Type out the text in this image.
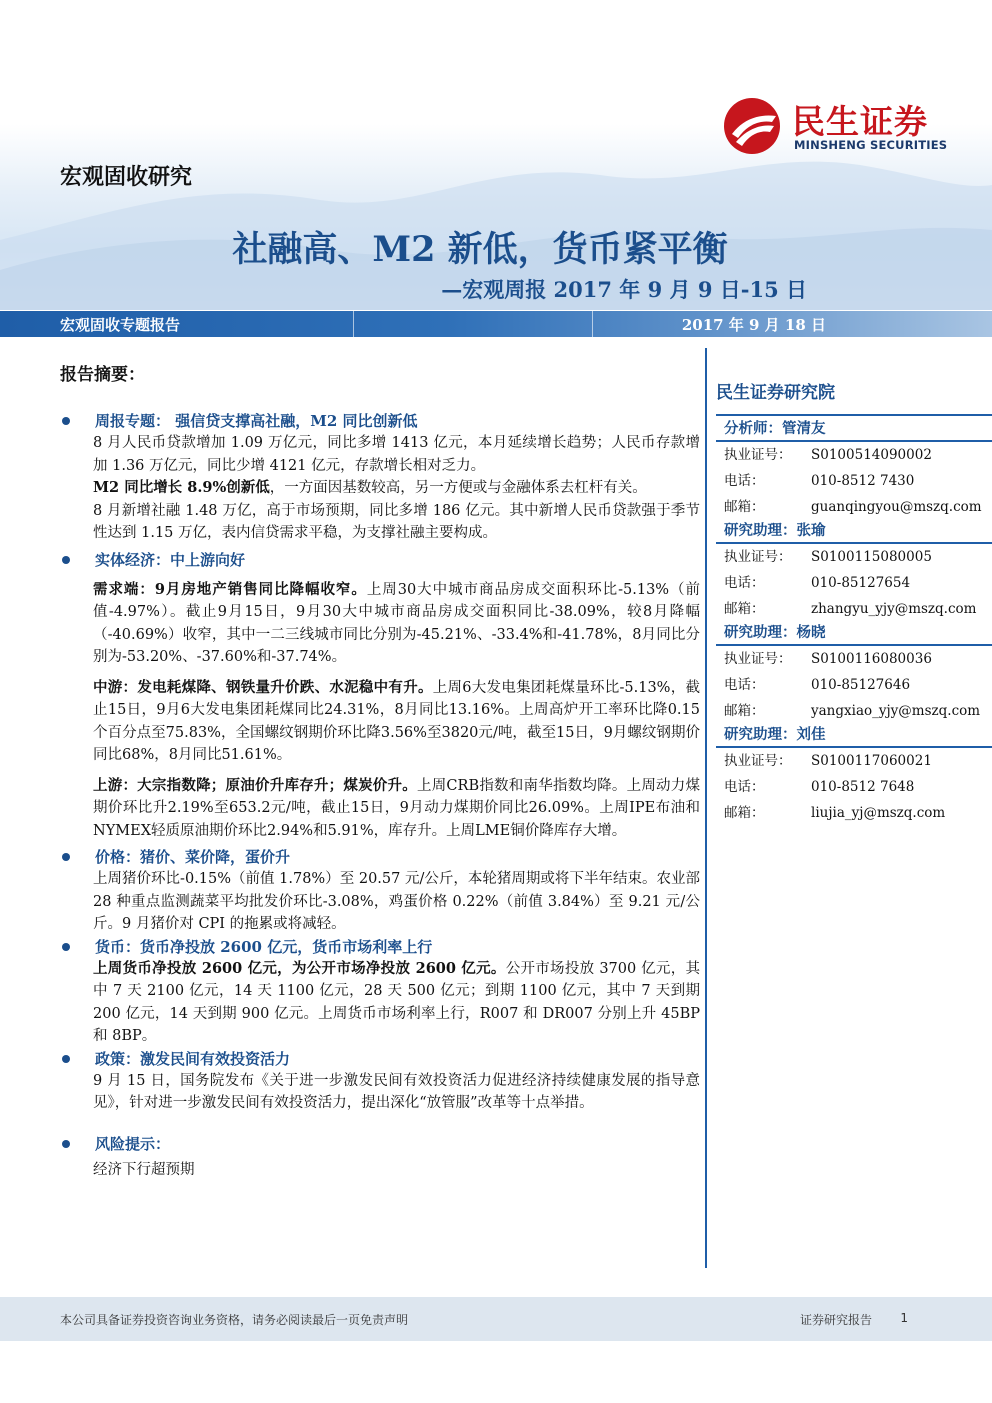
民生证券
MINSHENG SECURITIES
宏观固收研究
社融高、M2 新低，货币紧平衡
—宏观周报 2017 年 9 月 9 日-15 日
宏观固收专题报告	2017 年 9 月 18 日
报告摘要：
周报专题： 强信贷支撑高社融，M2 同比创新低
8 月人民币贷款增加 1.09 万亿元，同比多增 1413 亿元，本月延续增长趋势；人民币存款增加 1.36 万亿元，同比少增 4121 亿元，存款增长相对乏力。
M2 同比增长 8.9%创新低，一方面因基数较高，另一方便或与金融体系去杠杆有关。
8 月新增社融 1.48 万亿，高于市场预期，同比多增 186 亿元。其中新增人民币贷款强于季节性达到 1.15 万亿，表内信贷需求平稳，为支撑社融主要构成。
实体经济：中上游向好
需求端：9月房地产销售同比降幅收窄。上周30大中城市商品房成交面积环比-5.13%（前值-4.97%）。截止9月15日，9月30大中城市商品房成交面积同比-38.09%，较8月降幅（-40.69%）收窄，其中一二三线城市同比分别为-45.21%、-33.4%和-41.78%，8月同比分别为-53.20%、-37.60%和-37.74%。
中游：发电耗煤降、钢铁量升价跌、水泥稳中有升。上周6大发电集团耗煤量环比-5.13%，截止15日，9月6大发电集团耗煤同比24.31%，8月同比13.16%。上周高炉开工率环比降0.15个百分点至75.83%，全国螺纹钢期价环比降3.56%至3820元/吨，截至15日，9月螺纹钢期价同比68%，8月同比51.61%。
上游：大宗指数降；原油价升库存升；煤炭价升。上周CRB指数和南华指数均降。上周动力煤期价环比升2.19%至653.2元/吨，截止15日，9月动力煤期价同比26.09%。上周IPE布油和NYMEX轻质原油期价环比2.94%和5.91%，库存升。上周LME铜价降库存大增。
价格：猪价、菜价降，蛋价升
上周猪价环比-0.15%（前值 1.78%）至 20.57 元/公斤，本轮猪周期或将下半年结束。农业部 28 种重点监测蔬菜平均批发价环比-3.08%，鸡蛋价格 0.22%（前值 3.84%）至 9.21 元/公斤。9 月猪价对 CPI 的拖累或将减轻。
货币：货币净投放 2600 亿元，货币市场利率上行
上周货币净投放 2600 亿元，为公开市场净投放 2600 亿元。公开市场投放 3700 亿元，其中 7 天 2100 亿元，14 天 1100 亿元，28 天 500 亿元；到期 1100 亿元，其中 7 天到期 200 亿元，14 天到期 900 亿元。上周货币市场利率上行，R007 和 DR007 分别上升 45BP 和 8BP。
政策：激发民间有效投资活力
9 月 15 日，国务院发布《关于进一步激发民间有效投资活力促进经济持续健康发展的指导意见》，针对进一步激发民间有效投资活力，提出深化“放管服”改革等十点举措。
风险提示：
经济下行超预期
民生证券研究院
分析师：管清友
执业证号： S0100514090002
电话：	010-8512 7430
邮箱：	guanqingyou@mszq.com
研究助理：张瑜
执业证号： S0100115080005
电话：	010-85127654
邮箱：	zhangyu_yjy@mszq.com
研究助理：杨晓
执业证号： S0100116080036
电话：	010-85127646
邮箱：	yangxiao_yjy@mszq.com
研究助理：刘佳
执业证号： S0100117060021
电话：	010-8512 7648
邮箱：	liujia_yj@mszq.com
本公司具备证券投资咨询业务资格，请务必阅读最后一页免责声明	证券研究报告 1
